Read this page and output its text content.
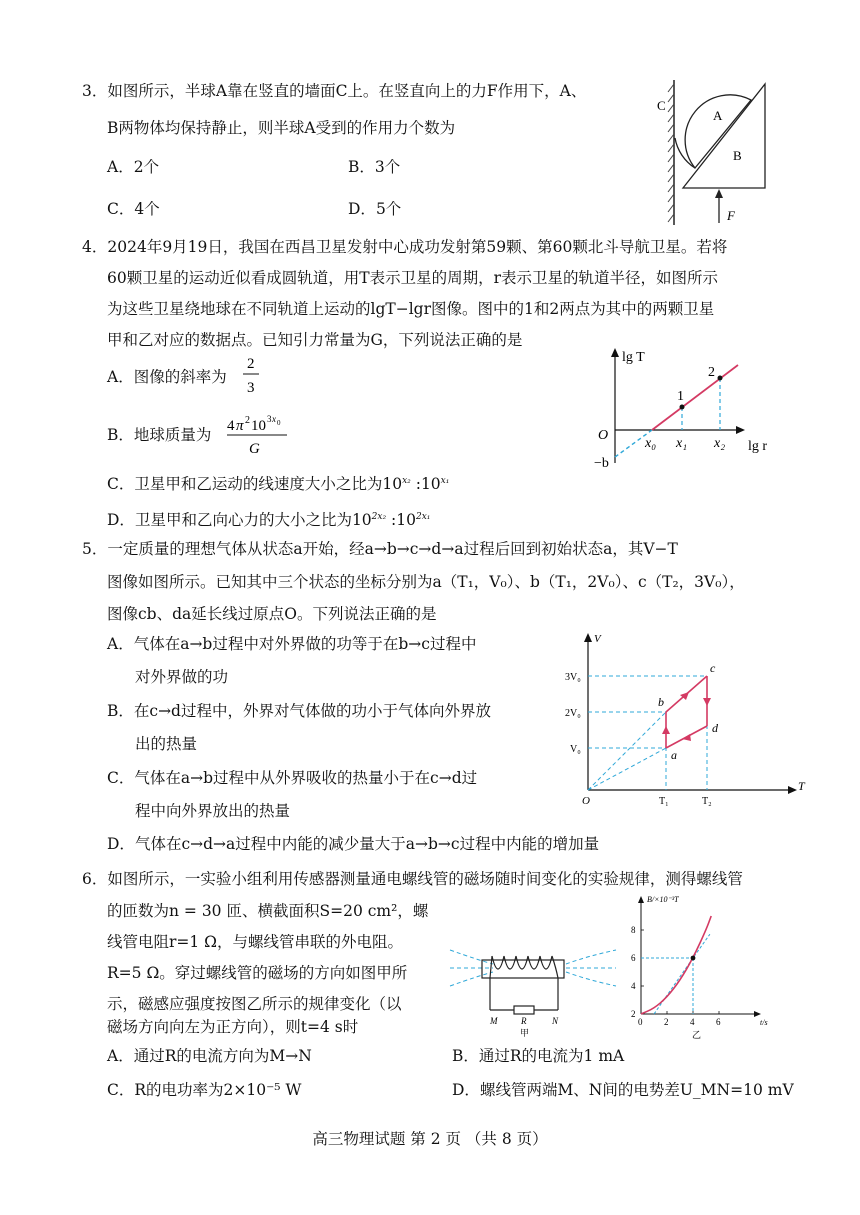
3．如图所示，半球A靠在竖直的墙面C上。在竖直向上的力F作用下，A、
B两物体均保持静止，则半球A受到的作用力个数为
A．2个	B．3个
C．4个	D．5个
C
A
B
F
4．2024年9月19日，我国在西昌卫星发射中心成功发射第59颗、第60颗北斗导航卫星。若将
60颗卫星的运动近似看成圆轨道，用T表示卫星的周期，r表示卫星的轨道半径，如图所示
为这些卫星绕地球在不同轨道上运动的lgT−lgr图像。图中的1和2两点为其中的两颗卫星
甲和乙对应的数据点。已知引力常量为G，下列说法正确的是
A．图像的斜率为
2
3
B．地球质量为 4 π 2 10 3 x 0
G
C．卫星甲和乙运动的线速度大小之比为$10^{x_2}$ $:10^{x_1}$
D．卫星甲和乙向心力的大小之比为$10^{2x_2}$ $:10^{2x_1}$
lg T
lg r
O
−b
1
2
x₀ x₁ x₂
5．一定质量的理想气体从状态a开始，经a→b→c→d→a过程后回到初始状态a，其V−T
图像如图所示。已知其中三个状态的坐标分别为a（T₁，V₀）、b（T₁，2V₀）、c（T₂，3V₀），
图像cb、da延长线过原点O。下列说法正确的是
A．气体在a→b过程中对外界做的功等于在b→c过程中
对外界做的功
B．在c→d过程中，外界对气体做的功小于气体向外界放
出的热量
C．气体在a→b过程中从外界吸收的热量小于在c→d过
程中向外界放出的热量
D．气体在c→d→a过程中内能的减少量大于a→b→c过程中内能的增加量
V
T
O
3V₀
2V₀
V₀
T₁	T₂
a
b
c
d
6．如图所示，一实验小组利用传感器测量通电螺线管的磁场随时间变化的实验规律，测得螺线管
的匝数为n = 30 匝、横截面积S=20 cm²，螺
线管电阻r=1 Ω，与螺线管串联的外电阻。
R=5 Ω。穿过螺线管的磁场的方向如图甲所
示，磁感应强度按图乙所示的规律变化（以
磁场方向向左为正方向），则t=4 s时
A．通过R的电流方向为M→N	B．通过R的电流为1 mA
C．R的电功率为2×10⁻⁵ W	D．螺线管两端M、N间的电势差U_MN=10 mV
M	R	N
甲
B/×10⁻³T
t/s
乙
2
4
6
8
0 2 4 6
高三物理试题 第 2 页 （共 8 页）
